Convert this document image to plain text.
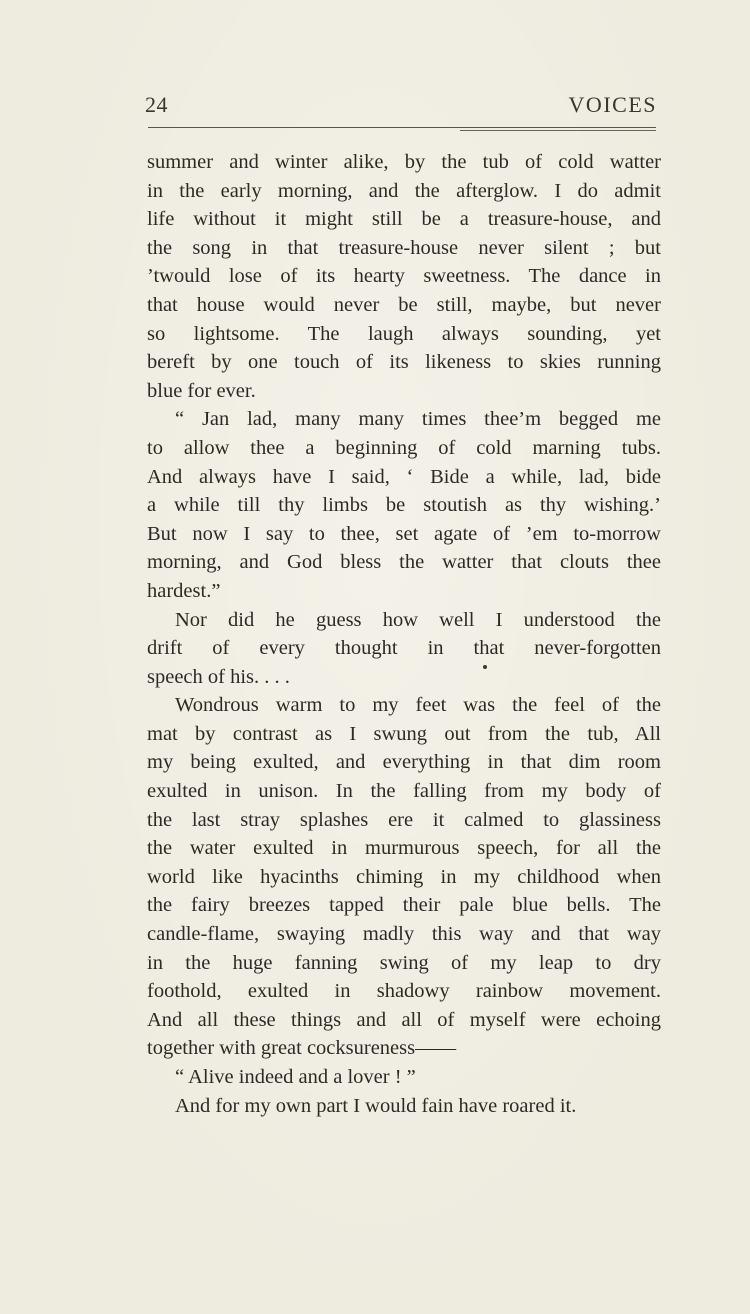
24	VOICES
summer and winter alike, by the tub of cold watter
in the early morning, and the afterglow. I do admit
life without it might still be a treasure-house, and
the song in that treasure-house never silent ; but
’twould lose of its hearty sweetness. The dance in
that house would never be still, maybe, but never
so lightsome. The laugh always sounding, yet
bereft by one touch of its likeness to skies running
blue for ever.
“ Jan lad, many many times thee’m begged me
to allow thee a beginning of cold marning tubs.
And always have I said, ‘ Bide a while, lad, bide
a while till thy limbs be stoutish as thy wishing.’
But now I say to thee, set agate of ’em to-morrow
morning, and God bless the watter that clouts thee
hardest.”
Nor did he guess how well I understood the
drift of every thought in that never-forgotten
speech of his. . . .
Wondrous warm to my feet was the feel of the
mat by contrast as I swung out from the tub, All
my being exulted, and everything in that dim room
exulted in unison. In the falling from my body of
the last stray splashes ere it calmed to glassiness
the water exulted in murmurous speech, for all the
world like hyacinths chiming in my childhood when
the fairy breezes tapped their pale blue bells. The
candle-flame, swaying madly this way and that way
in the huge fanning swing of my leap to dry
foothold, exulted in shadowy rainbow movement.
And all these things and all of myself were echoing
together with great cocksureness——
“ Alive indeed and a lover ! ”
And for my own part I would fain have roared it.
